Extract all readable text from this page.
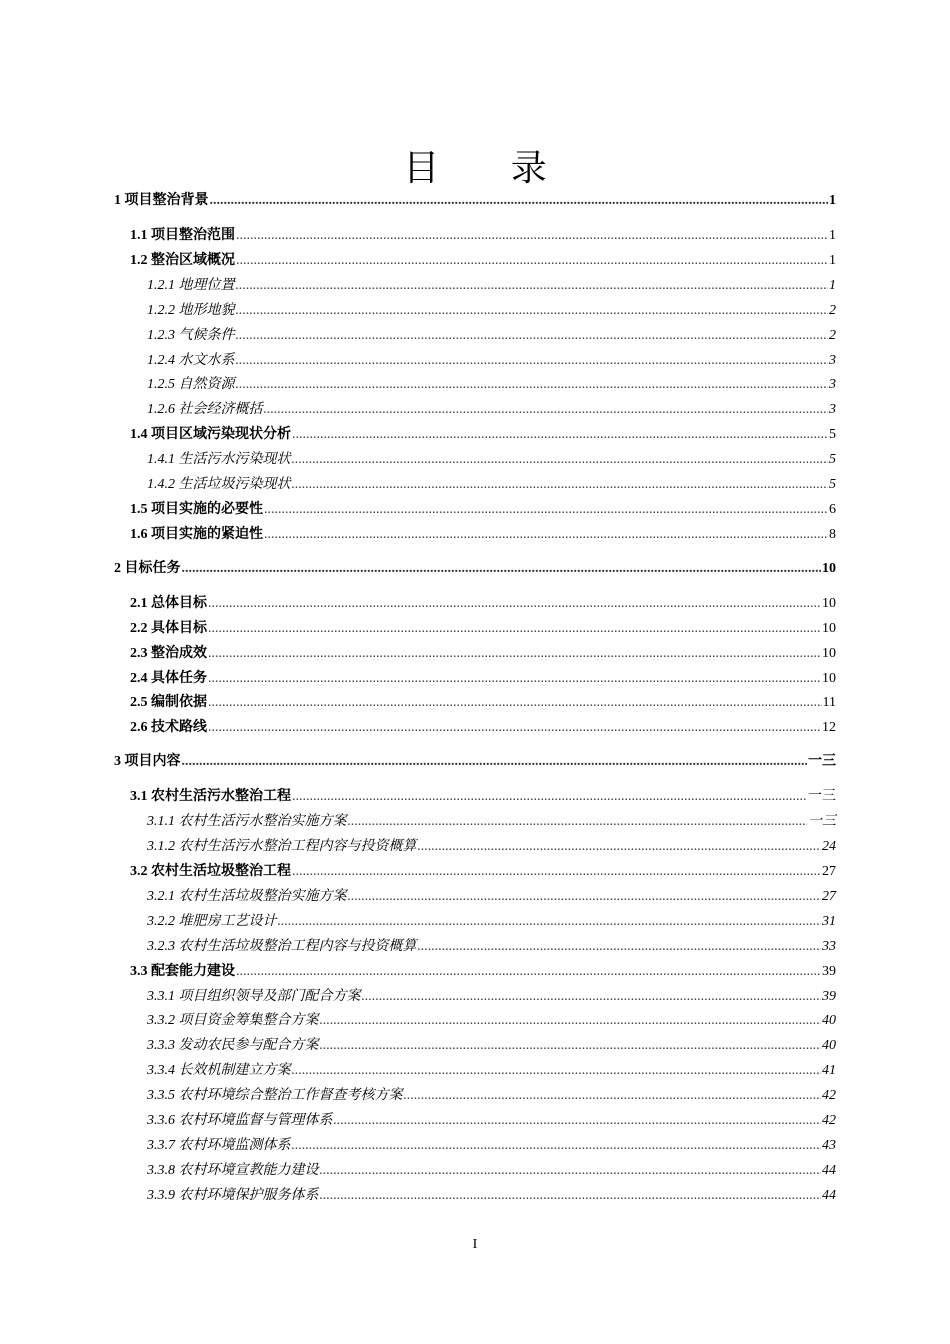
目 录
1 项目整治背景 .....	1
1.1 项目整治范围 .....	1
1.2 整治区域概况 .....	1
1.2.1 地理位置 .....	1
1.2.2 地形地貌 .....	2
1.2.3 气候条件 .....	2
1.2.4 水文水系 .....	3
1.2.5 自然资源 .....	3
1.2.6 社会经济概括 .....	3
1.4 项目区域污染现状分析 .....	5
1.4.1 生活污水污染现状 .....	5
1.4.2 生活垃圾污染现状 .....	5
1.5 项目实施的必要性 .....	6
1.6 项目实施的紧迫性 .....	8
2 目标任务 .....	10
2.1 总体目标 .....	10
2.2 具体目标 .....	10
2.3 整治成效 .....	10
2.4 具体任务 .....	10
2.5 编制依据 .....	11
2.6 技术路线 .....	12
3 项目内容 .....	一三
3.1 农村生活污水整治工程 .....	一三
3.1.1 农村生活污水整治实施方案 .....	一三
3.1.2 农村生活污水整治工程内容与投资概算 .....	24
3.2 农村生活垃圾整治工程 .....	27
3.2.1 农村生活垃圾整治实施方案 .....	27
3.2.2 堆肥房工艺设计 .....	31
3.2.3 农村生活垃圾整治工程内容与投资概算 .....	33
3.3 配套能力建设 .....	39
3.3.1 项目组织领导及部门配合方案 .....	39
3.3.2 项目资金筹集整合方案 .....	40
3.3.3 发动农民参与配合方案 .....	40
3.3.4 长效机制建立方案 .....	41
3.3.5 农村环境综合整治工作督查考核方案 .....	42
3.3.6 农村环境监督与管理体系 .....	42
3.3.7 农村环境监测体系 .....	43
3.3.8 农村环境宣教能力建设 .....	44
3.3.9 农村环境保护服务体系 .....	44
I
